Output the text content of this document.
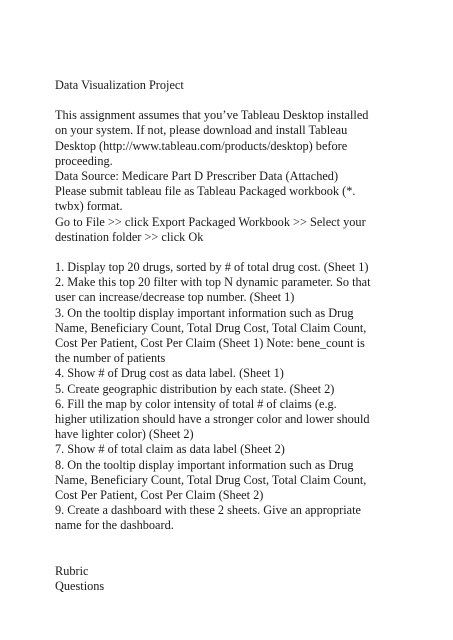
Data Visualization Project
This assignment assumes that you’ve Tableau Desktop installed
on your system. If not, please download and install Tableau
Desktop (http://www.tableau.com/products/desktop) before
proceeding.
Data Source: Medicare Part D Prescriber Data (Attached)
Please submit tableau file as Tableau Packaged workbook (*.
twbx) format.
Go to File >> click Export Packaged Workbook >> Select your
destination folder >> click Ok
1. Display top 20 drugs, sorted by # of total drug cost. (Sheet 1)
2. Make this top 20 filter with top N dynamic parameter. So that
user can increase/decrease top number. (Sheet 1)
3. On the tooltip display important information such as Drug
Name, Beneficiary Count, Total Drug Cost, Total Claim Count,
Cost Per Patient, Cost Per Claim (Sheet 1) Note: bene_count is
the number of patients
4. Show # of Drug cost as data label. (Sheet 1)
5. Create geographic distribution by each state. (Sheet 2)
6. Fill the map by color intensity of total # of claims (e.g.
higher utilization should have a stronger color and lower should
have lighter color) (Sheet 2)
7. Show # of total claim as data label (Sheet 2)
8. On the tooltip display important information such as Drug
Name, Beneficiary Count, Total Drug Cost, Total Claim Count,
Cost Per Patient, Cost Per Claim (Sheet 2)
9. Create a dashboard with these 2 sheets. Give an appropriate
name for the dashboard.
Rubric
Questions
